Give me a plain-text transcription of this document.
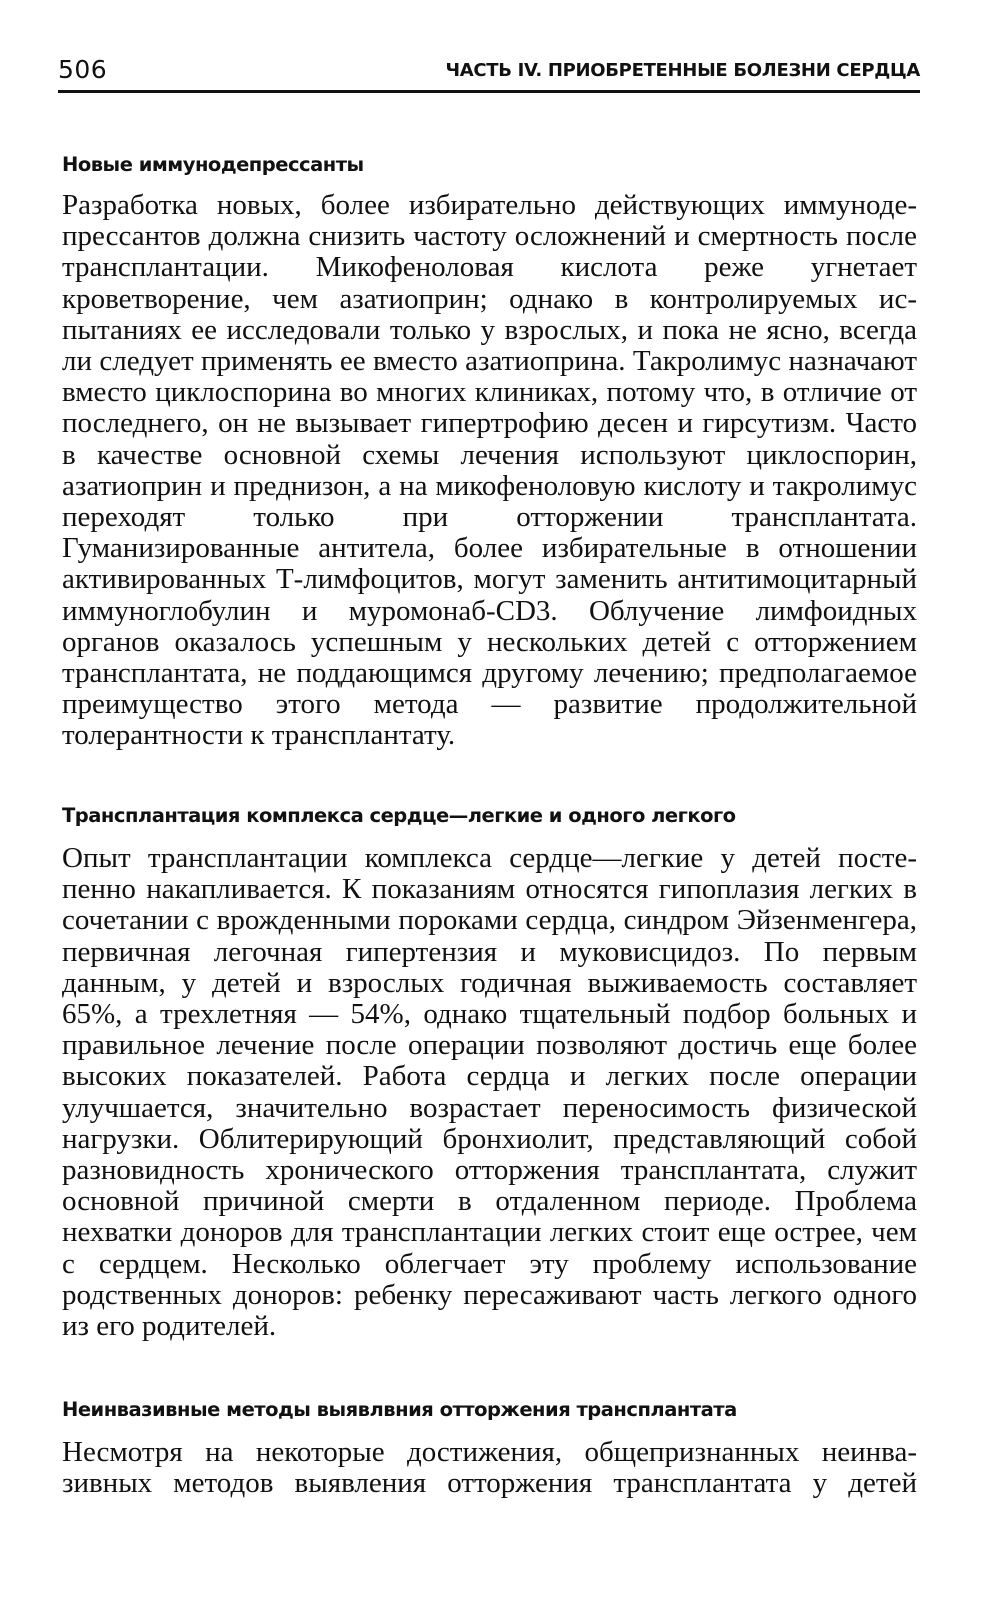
506	ЧАСТЬ IV. ПРИОБРЕТЕННЫЕ БОЛЕЗНИ СЕРДЦА
Новые иммунодепрессанты

Разработка новых, более избирательно действующих иммунодепрессантов должна снизить частоту осложнений и смертность после трансплантации. Микофеноловая кислота реже угнетает кроветворение, чем азатиоприн; однако в контролируемых испытаниях ее исследовали только у взрослых, и пока не ясно, всегда ли следует применять ее вместо азатиоприна. Такролимус назначают вместо циклоспорина во многих клиниках, потому что, в отличие от последнего, он не вызывает гипертрофию десен и гирсутизм. Часто в качестве основной схемы лечения используют циклоспорин, азатиоприн и преднизон, а на микофеноловую кислоту и такролимус переходят только при отторжении трансплантата. Гуманизированные антитела, более избирательные в отношении активированных Т-лимфоцитов, могут заменить антитимоцитарный иммуноглобулин и муромонаб-CD3. Облучение лимфоидных органов оказалось успешным у нескольких детей с отторжением трансплантата, не поддающимся другому лечению; предполагаемое преимущество этого метода — развитие продолжительной толерантности к трансплантату.

Трансплантация комплекса сердце—легкие и одного легкого

Опыт трансплантации комплекса сердце—легкие у детей постепенно накапливается. К показаниям относятся гипоплазия легких в сочетании с врожденными пороками сердца, синдром Эйзенменгера, первичная легочная гипертензия и муковисцидоз. По первым данным, у детей и взрослых годичная выживаемость составляет 65%, а трехлетняя — 54%, однако тщательный подбор больных и правильное лечение после операции позволяют достичь еще более высоких показателей. Работа сердца и легких после операции улучшается, значительно возрастает переносимость физической нагрузки. Облитерирующий бронхиолит, представляющий собой разновидность хронического отторжения трансплантата, служит основной причиной смерти в отдаленном периоде. Проблема нехватки доноров для трансплантации легких стоит еще острее, чем с сердцем. Несколько облегчает эту проблему использование родственных доноров: ребенку пересаживают часть легкого одного из его родителей.

Неинвазивные методы выявлвния отторжения трансплантата

Несмотря на некоторые достижения, общепризнанных неинвазивных методов выявления отторжения трансплантата у детей
